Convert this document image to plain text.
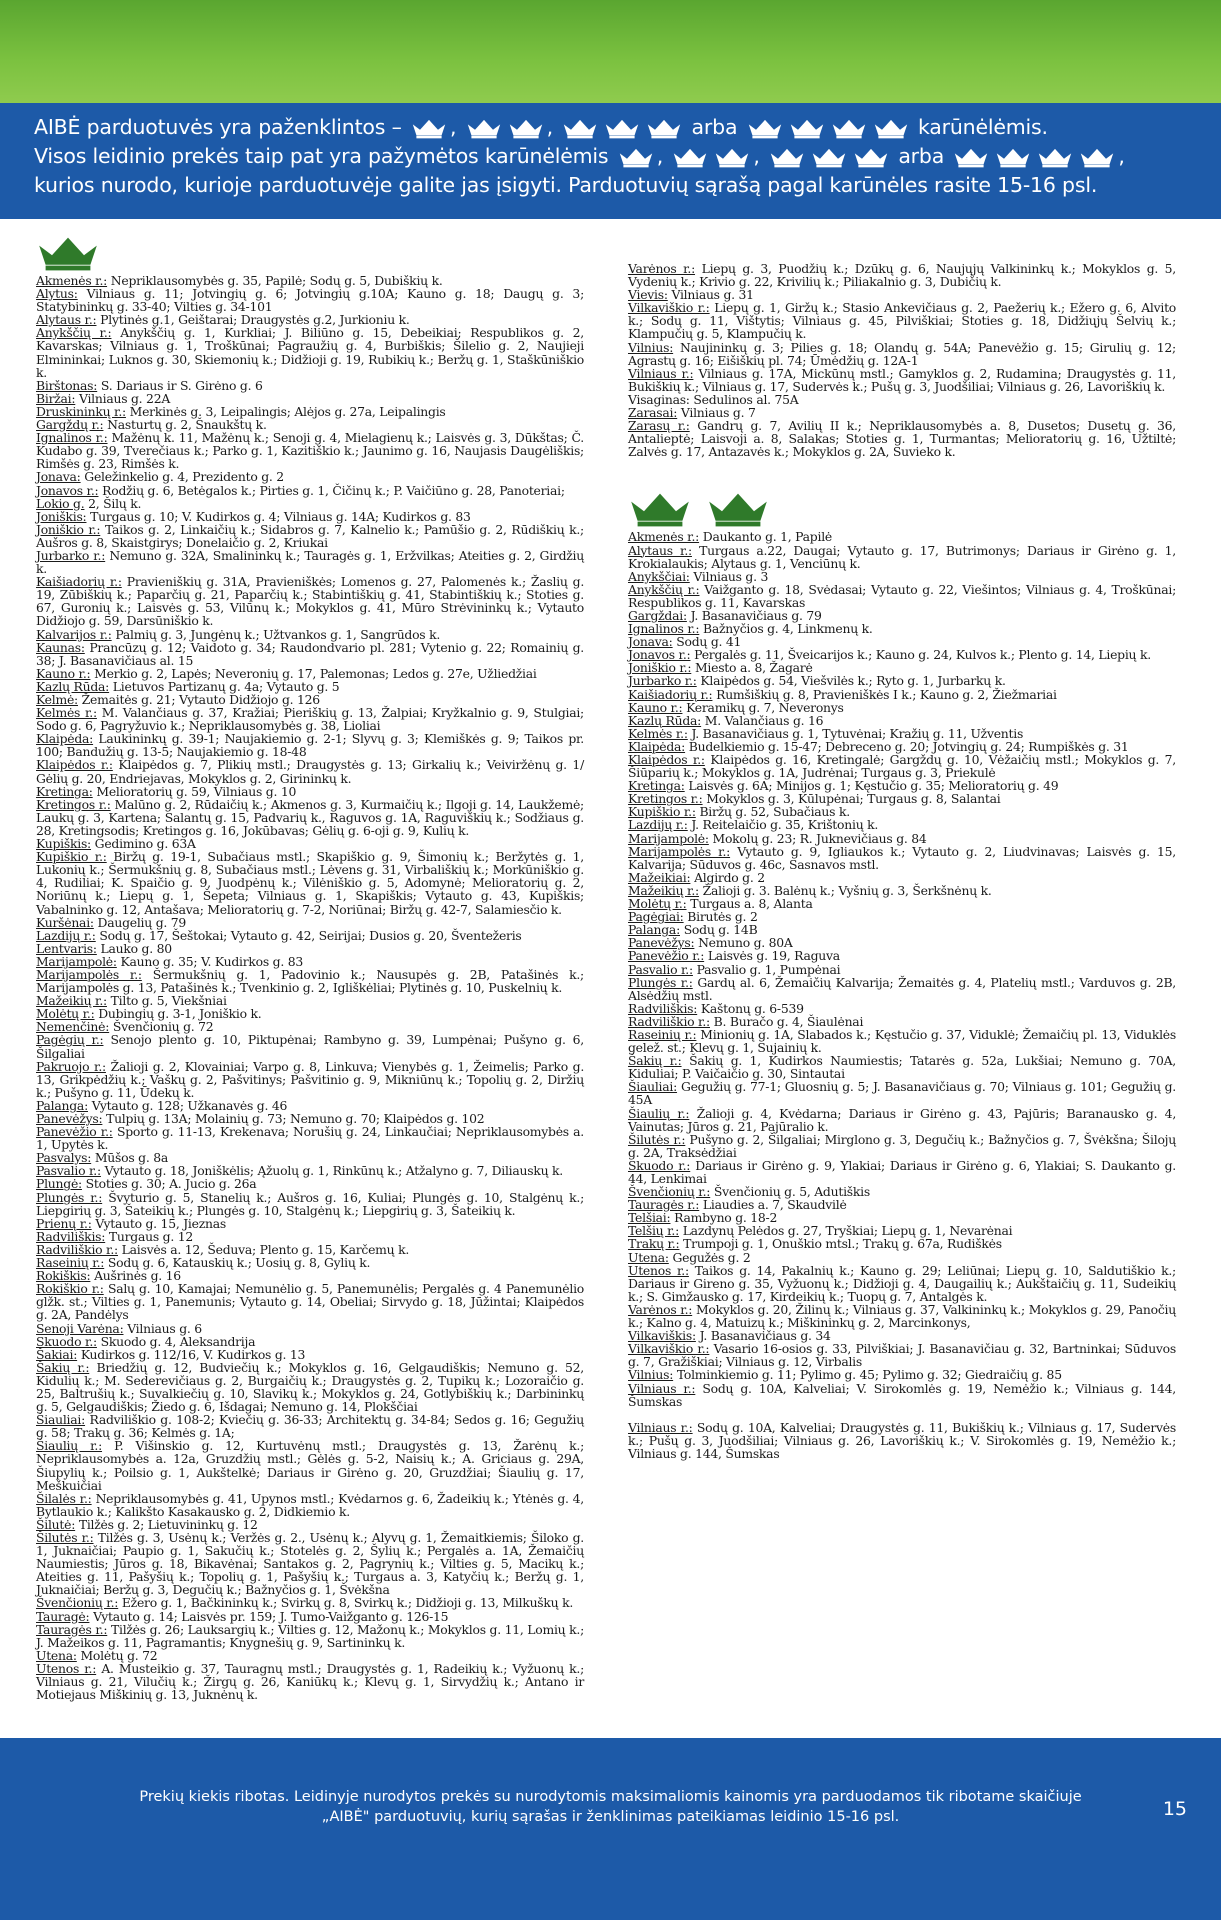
AIBĖ parduotuvės yra paženklintos – ,	,	arba	karūnėlėmis.
Visos leidinio prekės taip pat yra pažymėtos karūnėlėmis ,	,	arba	,
kurios nurodo, kurioje parduotuvėje galite jas įsigyti. Parduotuvių sąrašą pagal karūnėles rasite 15-16 psl.

Akmenės r.: Nepriklausomybės g. 35, Papilė; Sodų g. 5, Dubiškių k.

Alytus: Vilniaus g. 11; Jotvingių g. 6; Jotvingių g.10A; Kauno g. 18; Daugų g. 3; Statybininkų g. 33-40; Vilties g. 34-101

Alytaus r.: Plytinės g.1, Geištarai; Draugystės g.2, Jurkioniu k.

Anykščių r.: Anykščių g. 1, Kurkliai; J. Biliūno g. 15, Debeikiai; Respublikos g. 2, Kavarskas; Vilniaus g. 1, Troškūnai; Pagraužių g. 4, Burbiškis; Šilelio g. 2, Naujieji Elmininkai; Luknos g. 30, Skiemonių k.; Didžioji g. 19, Rubikių k.; Beržų g. 1, Staškūniškio k.

Birštonas: S. Dariaus ir S. Girėno g. 6

Biržai: Vilniaus g. 22A

Druskininkų r.: Merkinės g. 3, Leipalingis; Alėjos g. 27a, Leipalingis

Gargždų r.: Nasturtų g. 2, Šnaukštų k.

Ignalinos r.: Mažėnų k. 11, Mažėnų k.; Senoji g. 4, Mielagienų k.; Laisvės g. 3, Dūkštas; Č. Kudabo g. 39, Tverečiaus k.; Parko g. 1, Kazitiškio k.; Jaunimo g. 16, Naujasis Daugėliškis; Rimšės g. 23, Rimšės k.

Jonava: Geležinkelio g. 4, Prezidento g. 2

Jonavos r.: Rodžių g. 6, Betėgalos k.; Pirties g. 1, Čičinų k.; P. Vaičiūno g. 28, Panoteriai;

Lokio g. 2, Šilų k.

Joniškis: Turgaus g. 10; V. Kudirkos g. 4; Vilniaus g. 14A; Kudirkos g. 83

Joniškio r.: Taikos g. 2, Linkaičių k.; Sidabros g. 7, Kalnelio k.; Pamūšio g. 2, Rūdiškių k.; Aušros g. 8, Skaistgirys; Donelaičio g. 2, Kriukai

Jurbarko r.: Nemuno g. 32A, Smalininkų k.; Tauragės g. 1, Eržvilkas; Ateities g. 2, Girdžių k.

Kaišiadorių r.: Pravieniškių g. 31A, Pravieniškės; Lomenos g. 27, Palomenės k.; Žaslių g. 19, Zūbiškių k.; Paparčių g. 21, Paparčių k.; Stabintiškių g. 41, Stabintiškių k.; Stoties g. 67, Guronių k.; Laisvės g. 53, Vilūnų k.; Mokyklos g. 41, Mūro Strėvininkų k.; Vytauto Didžiojo g. 59, Darsūniškio k.

Kalvarijos r.: Palmių g. 3, Jungėnų k.; Užtvankos g. 1, Sangrūdos k.

Kaunas: Prancūzų g. 12; Vaidoto g. 34; Raudondvario pl. 281; Vytenio g. 22; Romainių g. 38; J. Basanavičiaus al. 15

Kauno r.: Merkio g. 2, Lapės; Neveronių g. 17, Palemonas; Ledos g. 27e, Užliedžiai

Kazlų Rūda: Lietuvos Partizanų g. 4a; Vytauto g. 5

Kelmė: Žemaitės g. 21; Vytauto Didžiojo g. 126

Kelmės r.: M. Valančiaus g. 37, Kražiai; Pieriškių g. 13, Žalpiai; Kryžkalnio g. 9, Stulgiai; Sodo g. 6, Pagryžuvio k.; Nepriklausomybės g. 38, Lioliai

Klaipėda: Laukininkų g. 39-1; Naujakiemio g. 2-1; Slyvų g. 3; Klemiškės g. 9; Taikos pr. 100; Bandužių g. 13-5; Naujakiemio g. 18-48

Klaipėdos r.: Klaipėdos g. 7, Plikių mstl.; Draugystės g. 13; Girkalių k.; Veiviržėnų g. 1/ Gėlių g. 20, Endriejavas, Mokyklos g. 2, Girininkų k.

Kretinga: Melioratorių g. 59, Vilniaus g. 10

Kretingos r.: Malūno g. 2, Rūdaičių k.; Akmenos g. 3, Kurmaičių k.; Ilgoji g. 14, Laukžemė; Laukų g. 3, Kartena; Salantų g. 15, Padvarių k., Raguvos g. 1A, Raguviškių k.; Sodžiaus g. 28, Kretingsodis; Kretingos g. 16, Jokūbavas; Gėlių g. 6-oji g. 9, Kulių k.

Kupiškis: Gedimino g. 63A

Kupiškio r.: Biržų g. 19-1, Subačiaus mstl.; Skapiškio g. 9, Šimonių k.; Beržytės g. 1, Lukonių k.; Šermukšnių g. 8, Subačiaus mstl.; Lėvens g. 31, Virbališkių k.; Morkūniškio g. 4, Rudiliai; K. Spaičio g. 9, Juodpėnų k.; Vilėniškio g. 5, Adomynė; Melioratorių g. 2, Noriūnų k.; Liepų g. 1, Šepeta; Vilniaus g. 1, Skapiškis; Vytauto g. 43, Kupiškis; Vabalninko g. 12, Antašava; Melioratorių g. 7-2, Noriūnai; Biržų g. 42-7, Salamiesčio k.

Kuršėnai: Daugelių g. 79

Lazdijų r.: Sodų g. 17, Šeštokai; Vytauto g. 42, Seirijai; Dusios g. 20, Šventežeris

Lentvaris: Lauko g. 80

Marijampolė: Kauno g. 35; V. Kudirkos g. 83

Marijampolės r.: Šermukšnių g. 1, Padovinio k.; Nausupės g. 2B, Patašinės k.; Marijampolės g. 13, Patašinės k.; Tvenkinio g. 2, Igliškėliai; Plytinės g. 10, Puskelnių k.

Mažeikių r.: Tilto g. 5, Viekšniai

Molėtų r.: Dubingių g. 3-1, Joniškio k.

Nemenčinė: Švenčionių g. 72

Pagėgių r.: Senojo plento g. 10, Piktupėnai; Rambyno g. 39, Lumpėnai; Pušyno g. 6, Šilgaliai

Pakruojo r.: Žalioji g. 2, Klovainiai; Varpo g. 8, Linkuva; Vienybės g. 1, Žeimelis; Parko g. 13, Grikpėdžių k.; Vaškų g. 2, Pašvitinys; Pašvitinio g. 9, Mikniūnų k.; Topolių g. 2, Diržių k.; Pušyno g. 11, Ūdekų k.

Palanga: Vytauto g. 128; Užkanavės g. 46

Panevėžys: Tulpių g. 13A; Molainių g. 73; Nemuno g. 70; Klaipėdos g. 102

Panevėžio r.: Sporto g. 11-13, Krekenava; Norušių g. 24, Linkaučiai; Nepriklausomybės a. 1, Upytės k.

Pasvalys: Mūšos g. 8a

Pasvalio r.: Vytauto g. 18, Joniškėlis; Ąžuolų g. 1, Rinkūnų k.; Atžalyno g. 7, Diliauskų k.

Plungė: Stoties g. 30; A. Jucio g. 26a

Plungės r.: Švyturio g. 5, Stanelių k.; Aušros g. 16, Kuliai; Plungės g. 10, Stalgėnų k.; Liepgirių g. 3, Šateikių k.; Plungės g. 10, Stalgėnų k.; Liepgirių g. 3, Šateikių k.

Prienų r.: Vytauto g. 15, Jieznas

Radviliškis: Turgaus g. 12

Radviliškio r.: Laisvės a. 12, Šeduva; Plento g. 15, Karčemų k.

Raseinių r.: Sodų g. 6, Katauskių k.; Uosių g. 8, Gylių k.

Rokiškis: Aušrinės g. 16

Rokiškio r.: Salų g. 10, Kamajai; Nemunėlio g. 5, Panemunėlis; Pergalės g. 4 Panemunėlio glžk. st.; Vilties g. 1, Panemunis; Vytauto g. 14, Obeliai; Sirvydo g. 18, Jūžintai; Klaipėdos g. 2A, Pandėlys

Senoji Varėna: Vilniaus g. 6

Skuodo r.: Skuodo g. 4, Aleksandrija

Šakiai: Kudirkos g. 112/16, V. Kudirkos g. 13

Šakių r.: Briedžių g. 12, Budviečių k.; Mokyklos g. 16, Gelgaudiškis; Nemuno g. 52, Kidulių k.; M. Sederevičiaus g. 2, Burgaičių k.; Draugystės g. 2, Tupikų k.; Lozoraičio g. 25, Baltrušių k.; Suvalkiečių g. 10, Slavikų k.; Mokyklos g. 24, Gotlybiškių k.; Darbininkų g. 5, Gelgaudiškis; Žiedo g. 6, Išdagai; Nemuno g. 14, Plokščiai

Šiauliai: Radviliškio g. 108-2; Kviečių g. 36-33; Architektų g. 34-84; Sedos g. 16; Gegužių g. 58; Trakų g. 36; Kelmės g. 1A;

Šiaulių r.: P. Višinskio g. 12, Kurtuvėnų mstl.; Draugystės g. 13, Žarėnų k.; Nepriklausomybės a. 12a, Gruzdžių mstl.; Gėlės g. 5-2, Naisių k.; A. Griciaus g. 29A, Šiupylių k.; Poilsio g. 1, Aukštelkė; Dariaus ir Girėno g. 20, Gruzdžiai; Šiaulių g. 17, Meškuičiai

Šilalės r.: Nepriklausomybės g. 41, Upynos mstl.; Kvėdarnos g. 6, Žadeikių k.; Ytėnės g. 4, Bytlaukio k.; Kalikšto Kasakausko g. 2, Didkiemio k.

Šilutė: Tilžės g. 2; Lietuvininkų g. 12

Šilutės r.: Tilžės g. 3, Usėnų k.; Veržės g. 2., Usėnų k.; Alyvų g. 1, Žemaitkiemis; Šiloko g. 1, Juknaičiai; Paupio g. 1, Sakučių k.; Stotelės g. 2, Šylių k.; Pergalės a. 1A, Žemaičių Naumiestis; Jūros g. 18, Bikavėnai; Santakos g. 2, Pagrynių k.; Vilties g. 5, Macikų k.; Ateities g. 11, Pašyšių k.; Topolių g. 1, Pašyšių k.; Turgaus a. 3, Katyčių k.; Beržų g. 1, Juknaičiai; Beržų g. 3, Degučių k.; Bažnyčios g. 1, Švėkšna

Švenčionių r.: Ežero g. 1, Bačkininkų k.; Svirkų g. 8, Svirkų k.; Didžioji g. 13, Milkuškų k.

Tauragė: Vytauto g. 14; Laisvės pr. 159; J. Tumo-Vaižganto g. 126-15

Tauragės r.: Tilžės g. 26; Lauksargių k.; Vilties g. 12, Mažonų k.; Mokyklos g. 11, Lomių k.; J. Mažeikos g. 11, Pagramantis; Knygnešių g. 9, Sartininkų k.

Utena: Molėtų g. 72

Utenos r.: A. Musteikio g. 37, Tauragnų mstl.; Draugystės g. 1, Radeikių k.; Vyžuonų k.; Vilniaus g. 21, Vilučių k.; Žirgų g. 26, Kaniūkų k.; Klevų g. 1, Sirvydžių k.; Antano ir Motiejaus Miškinių g. 13, Juknėnų k.

Varėnos r.: Liepų g. 3, Puodžių k.; Dzūkų g. 6, Naujųjų Valkininkų k.; Mokyklos g. 5, Vydenių k.; Krivio g. 22, Krivilių k.; Piliakalnio g. 3, Dubičių k.

Vievis: Vilniaus g. 31

Vilkaviškio r.: Liepų g. 1, Giržų k.; Stasio Ankevičiaus g. 2, Paežerių k.; Ežero g. 6, Alvito k.; Sodų g. 11, Vištytis; Vilniaus g. 45, Pilviškiai; Stoties g. 18, Didžiųjų Šelvių k.; Klampučių g. 5, Klampučių k.

Vilnius: Naujininkų g. 3; Pilies g. 18; Olandų g. 54A; Panevėžio g. 15; Girulių g. 12; Agrastų g. 16; Eišiškių pl. 74; Ūmėdžių g. 12A-1

Vilniaus r.: Vilniaus g. 17A, Mickūnų mstl.; Gamyklos g. 2, Rudamina; Draugystės g. 11, Bukiškių k.; Vilniaus g. 17, Sudervės k.; Pušų g. 3, Juodšiliai; Vilniaus g. 26, Lavoriškių k.

Visaginas: Sedulinos al. 75A

Zarasai: Vilniaus g. 7

Zarasų r.: Gandrų g. 7, Avilių II k.; Nepriklausomybės a. 8, Dusetos; Dusetų g. 36, Antalieptė; Laisvoji a. 8, Salakas; Stoties g. 1, Turmantas; Melioratorių g. 16, Užtiltė; Zalvės g. 17, Antazavės k.; Mokyklos g. 2A, Suvieko k.

Akmenės r.: Daukanto g. 1, Papilė

Alytaus r.: Turgaus a.22, Daugai; Vytauto g. 17, Butrimonys; Dariaus ir Girėno g. 1, Krokialaukis; Alytaus g. 1, Venciūnų k.

Anykščiai: Vilniaus g. 3

Anykščių r.: Vaižganto g. 18, Svėdasai; Vytauto g. 22, Viešintos; Vilniaus g. 4, Troškūnai; Respublikos g. 11, Kavarskas

Gargždai: J. Basanavičiaus g. 79

Ignalinos r.: Bažnyčios g. 4, Linkmenų k.

Jonava: Sodų g. 41

Jonavos r.: Pergalės g. 11, Šveicarijos k.; Kauno g. 24, Kulvos k.; Plento g. 14, Liepių k.

Joniškio r.: Miesto a. 8, Žagarė

Jurbarko r.: Klaipėdos g. 54, Viešvilės k.; Ryto g. 1, Jurbarkų k.

Kaišiadorių r.: Rumšiškių g. 8, Pravieniškės I k.; Kauno g. 2, Žiežmariai

Kauno r.: Keramikų g. 7, Neveronys

Kazlų Rūda: M. Valančiaus g. 16

Kelmės r.: J. Basanavičiaus g. 1, Tytuvėnai; Kražių g. 11, Užventis

Klaipėda: Budelkiemio g. 15-47; Debreceno g. 20; Jotvingių g. 24; Rumpiškės g. 31

Klaipėdos r.: Klaipėdos g. 16, Kretingalė; Gargždų g. 10, Vėžaičių mstl.; Mokyklos g. 7, Šiūparių k.; Mokyklos g. 1A, Judrėnai; Turgaus g. 3, Priekulė

Kretinga: Laisvės g. 6A; Minijos g. 1; Kęstučio g. 35; Melioratorių g. 49

Kretingos r.: Mokyklos g. 3, Kūlupėnai; Turgaus g. 8, Salantai

Kupiškio r.: Biržų g. 52, Subačiaus k.

Lazdijų r.: J. Reitelaičio g. 35, Krištonių k.

Marijampolė: Mokolų g. 23; R. Juknevičiaus g. 84

Marijampolės r.: Vytauto g. 9, Igliaukos k.; Vytauto g. 2, Liudvinavas; Laisvės g. 15, Kalvarija; Sūduvos g. 46c, Sasnavos mstl.

Mažeikiai: Algirdo g. 2

Mažeikių r.: Žalioji g. 3. Balėnų k.; Vyšnių g. 3, Šerkšnėnų k.

Molėtų r.: Turgaus a. 8, Alanta

Pagėgiai: Birutės g. 2

Palanga: Sodų g. 14B

Panevėžys: Nemuno g. 80A

Panevėžio r.: Laisvės g. 19, Raguva

Pasvalio r.: Pasvalio g. 1, Pumpėnai

Plungės r.: Gardų al. 6, Žemaičių Kalvarija; Žemaitės g. 4, Platelių mstl.; Varduvos g. 2B, Alsėdžių mstl.

Radviliškis: Kaštonų g. 6-539

Radviliškio r.: B. Buračo g. 4, Šiaulėnai

Raseinių r.: Minionių g. 1A, Slabados k.; Kęstučio g. 37, Viduklė; Žemaičių pl. 13, Viduklės gelež. st.; Klevų g. 1, Sujainių k.

Šakių r.: Šakių g. 1, Kudirkos Naumiestis; Tatarės g. 52a, Lukšiai; Nemuno g. 70A, Kiduliai; P. Vaičaičio g. 30, Sintautai

Šiauliai: Gegužių g. 77-1; Gluosnių g. 5; J. Basanavičiaus g. 70; Vilniaus g. 101; Gegužių g. 45A

Šiaulių r.: Žalioji g. 4, Kvėdarna; Dariaus ir Girėno g. 43, Pajūris; Baranausko g. 4, Vainutas; Jūros g. 21, Pajūralio k.

Šilutės r.: Pušyno g. 2, Šilgaliai; Mirglono g. 3, Degučių k.; Bažnyčios g. 7, Švėkšna; Šilojų g. 2A, Traksėdžiai

Skuodo r.: Dariaus ir Girėno g. 9, Ylakiai; Dariaus ir Girėno g. 6, Ylakiai; S. Daukanto g. 44, Lenkimai

Švenčionių r.: Švenčionių g. 5, Adutiškis

Tauragės r.: Liaudies a. 7, Skaudvilė

Telšiai: Rambyno g. 18-2

Telšių r.: Lazdynų Pelėdos g. 27, Tryškiai; Liepų g. 1, Nevarėnai

Trakų r.: Trumpoji g. 1, Onuškio mtsl.; Trakų g. 67a, Rudiškės

Utena: Gegužės g. 2

Utenos r.: Taikos g. 14, Pakalnių k.; Kauno g. 29; Leliūnai; Liepų g. 10, Saldutiškio k.; Dariaus ir Gireno g. 35, Vyžuonų k.; Didžioji g. 4, Daugailių k.; Aukštaičių g. 11, Sudeikių k.; S. Gimžausko g. 17, Kirdeikių k.; Tuopų g. 7, Antalgės k.

Varėnos r.: Mokyklos g. 20, Žilinų k.; Vilniaus g. 37, Valkininkų k.; Mokyklos g. 29, Panočių k.; Kalno g. 4, Matuizų k.; Miškininkų g. 2, Marcinkonys,

Vilkaviškis: J. Basanavičiaus g. 34

Vilkaviškio r.: Vasario 16-osios g. 33, Pilviškiai; J. Basanavičiau g. 32, Bartninkai; Sūduvos g. 7, Gražiškiai; Vilniaus g. 12, Virbalis

Vilnius: Tolminkiemio g. 11; Pylimo g. 45; Pylimo g. 32; Giedraičių g. 85

Vilniaus r.: Sodų g. 10A, Kalveliai; V. Sirokomlės g. 19, Nemėžio k.; Vilniaus g. 144, Šumskas

Vilniaus r.: Sodų g. 10A, Kalveliai; Draugystės g. 11, Bukiškių k.; Vilniaus g. 17, Sudervės k.; Pušų g. 3, Juodšiliai; Vilniaus g. 26, Lavoriškių k.; V. Sirokomlės g. 19, Nemėžio k.; Vilniaus g. 144, Šumskas

Prekių kiekis ribotas. Leidinyje nurodytos prekės su nurodytomis maksimaliomis kainomis yra parduodamos tik ribotame skaičiuje
„AIBĖ" parduotuvių, kurių sąrašas ir ženklinimas pateikiamas leidinio 15-16 psl.	15
